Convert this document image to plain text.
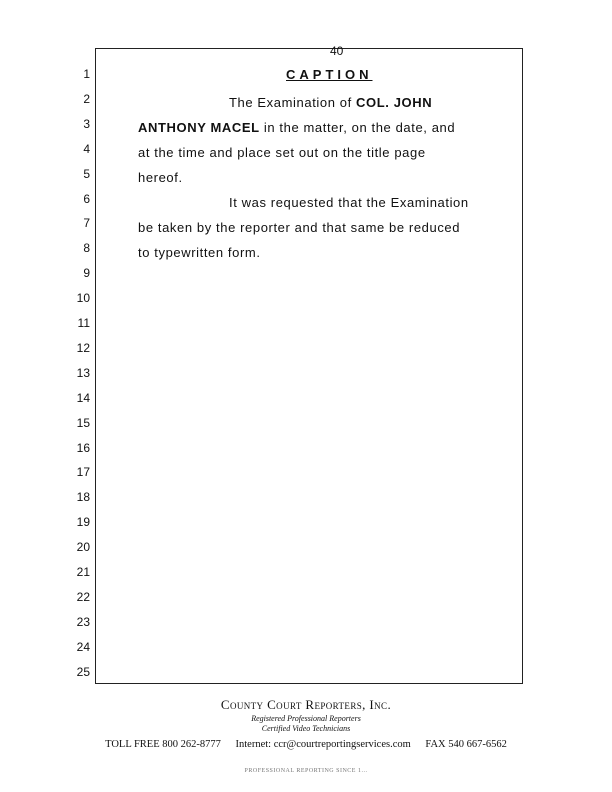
40
1
2
3
4
5
6
7
8
9
10
11
12
13
14
15
16
17
18
19
20
21
22
23
24
25
CAPTION
The Examination of COL. JOHN
ANTHONY MACEL in the matter, on the date, and
at the time and place set out on the title page
hereof.
It was requested that the Examination
be taken by the reporter and that same be reduced
to typewritten form.
County Court Reporters, Inc.
Registered Professional Reporters
Certified Video Technicians
TOLL FREE 800 262-8777 Internet: ccr@courtreportingservices.com FAX 540 667-6562
PROFESSIONAL REPORTING SINCE 1...
